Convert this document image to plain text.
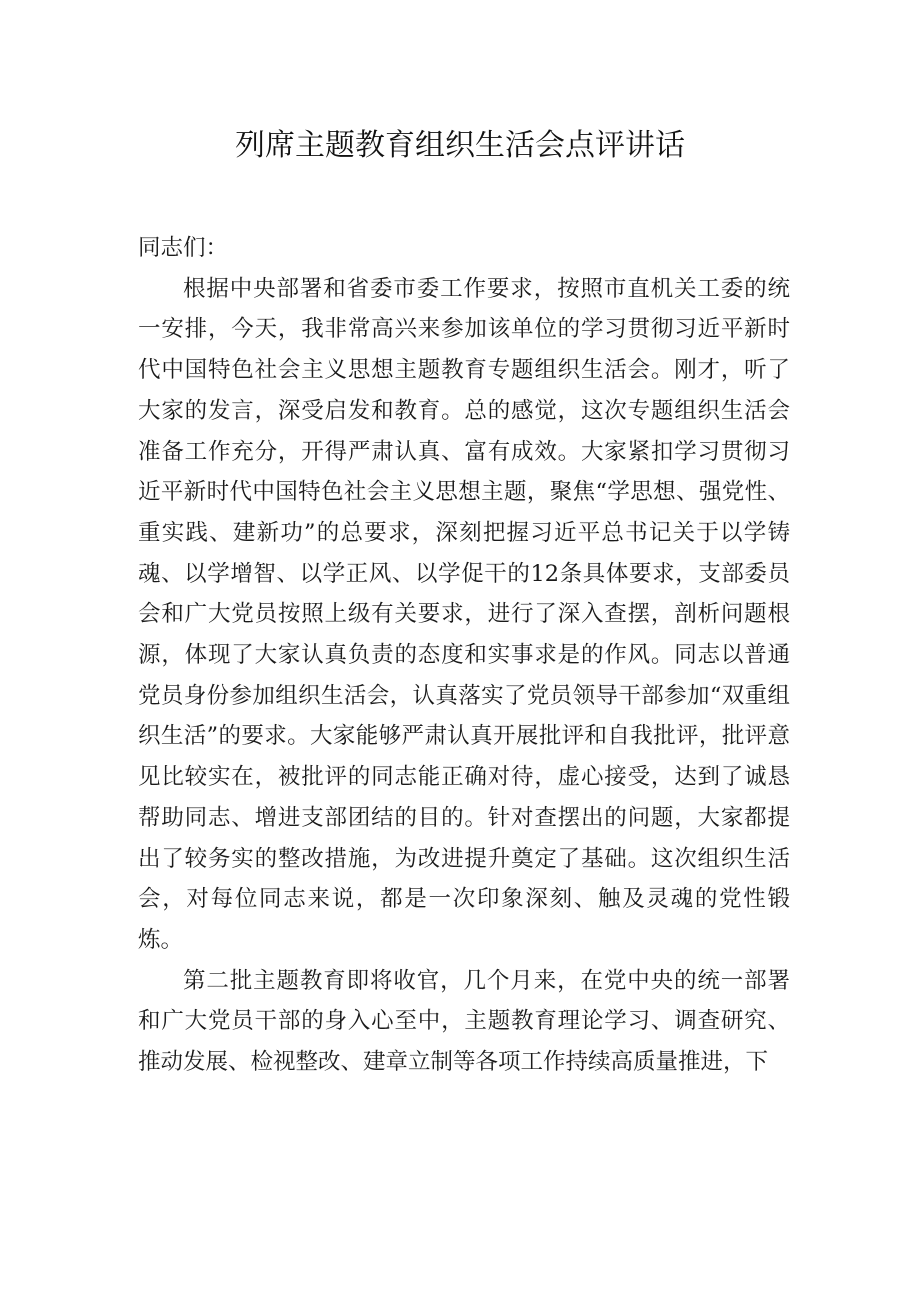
列席主题教育组织生活会点评讲话

同志们：

根据中央部署和省委市委工作要求，按照市直机关工委的统一安排，今天，我非常高兴来参加该单位的学习贯彻习近平新时代中国特色社会主义思想主题教育专题组织生活会。刚才，听了大家的发言，深受启发和教育。总的感觉，这次专题组织生活会准备工作充分，开得严肃认真、富有成效。大家紧扣学习贯彻习近平新时代中国特色社会主义思想主题，聚焦“学思想、强党性、重实践、建新功”的总要求，深刻把握习近平总书记关于以学铸魂、以学增智、以学正风、以学促干的12条具体要求，支部委员会和广大党员按照上级有关要求，进行了深入查摆，剖析问题根源，体现了大家认真负责的态度和实事求是的作风。同志以普通党员身份参加组织生活会，认真落实了党员领导干部参加“双重组织生活”的要求。大家能够严肃认真开展批评和自我批评，批评意见比较实在，被批评的同志能正确对待，虚心接受，达到了诚恳帮助同志、增进支部团结的目的。针对查摆出的问题，大家都提出了较务实的整改措施，为改进提升奠定了基础。这次组织生活会，对每位同志来说，都是一次印象深刻、触及灵魂的党性锻炼。

第二批主题教育即将收官，几个月来，在党中央的统一部署和广大党员干部的身入心至中，主题教育理论学习、调查研究、推动发展、检视整改、建章立制等各项工作持续高质量推进，下
